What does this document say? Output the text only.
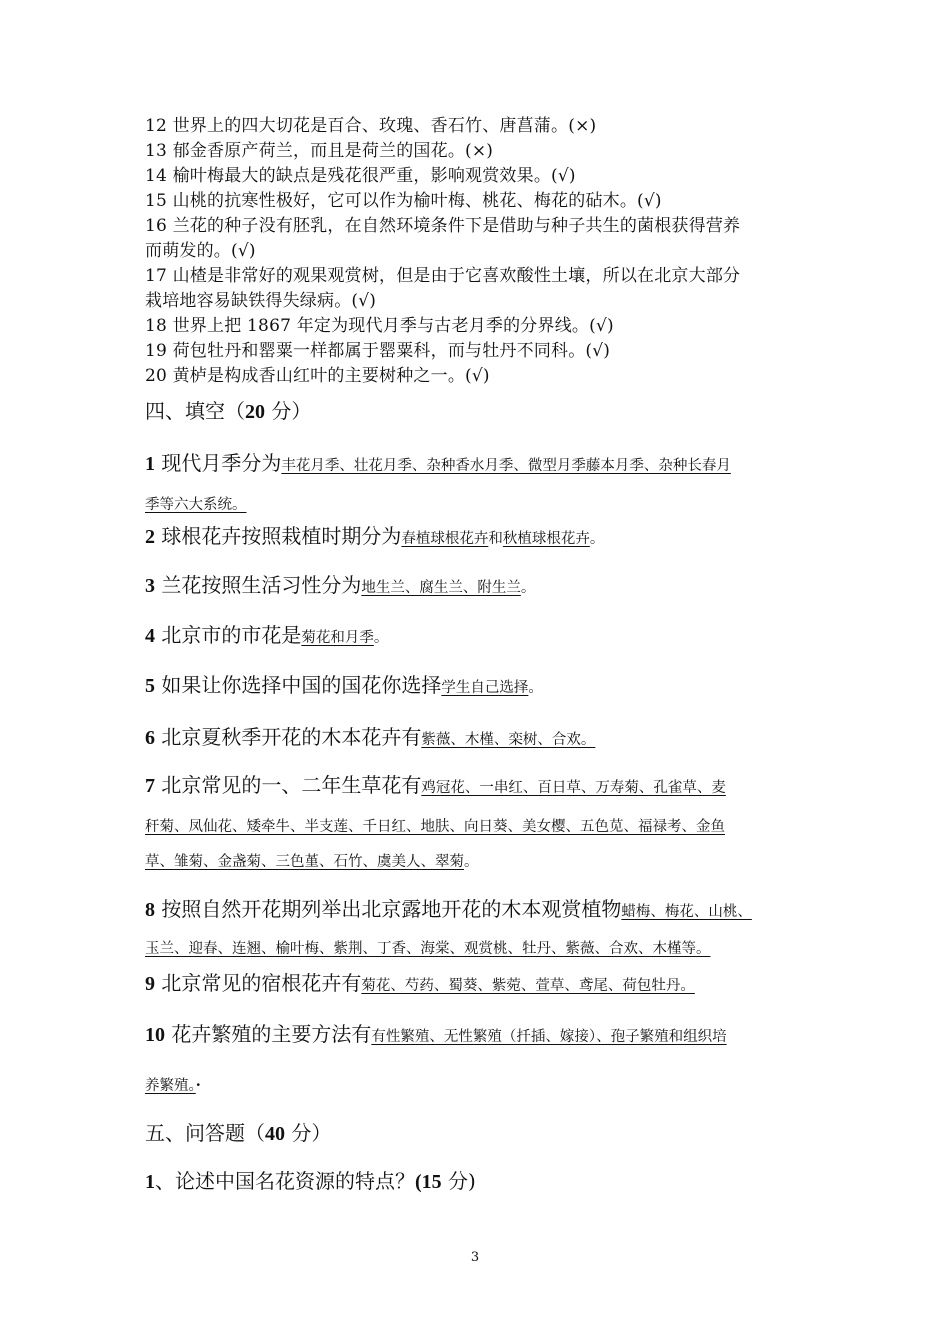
12 世界上的四大切花是百合、玫瑰、香石竹、唐菖蒲。(×)

13 郁金香原产荷兰，而且是荷兰的国花。(×)

14 榆叶梅最大的缺点是残花很严重，影响观赏效果。(√)

15 山桃的抗寒性极好，它可以作为榆叶梅、桃花、梅花的砧木。(√)

16 兰花的种子没有胚乳，在自然环境条件下是借助与种子共生的菌根获得营养

而萌发的。(√)

17 山楂是非常好的观果观赏树，但是由于它喜欢酸性土壤，所以在北京大部分

栽培地容易缺铁得失绿病。(√)

18 世界上把 1867 年定为现代月季与古老月季的分界线。(√)

19 荷包牡丹和罂粟一样都属于罂粟科，而与牡丹不同科。(√)

20 黄栌是构成香山红叶的主要树种之一。(√)

四、填空（20 分）
1 现代月季分为丰花月季、壮花月季、杂种香水月季、微型月季藤本月季、杂种长春月
季等六大系统。
2 球根花卉按照栽植时期分为春植球根花卉和秋植球根花卉。
3 兰花按照生活习性分为地生兰、腐生兰、附生兰。
4 北京市的市花是菊花和月季。
5 如果让你选择中国的国花你选择学生自己选择。
6 北京夏秋季开花的木本花卉有紫薇、木槿、栾树、合欢。
7 北京常见的一、二年生草花有鸡冠花、一串红、百日草、万寿菊、孔雀草、麦
秆菊、凤仙花、矮牵牛、半支莲、千日红、地肤、向日葵、美女樱、五色苋、福禄考、金鱼
草、雏菊、金盏菊、三色堇、石竹、虞美人、翠菊。
8 按照自然开花期列举出北京露地开花的木本观赏植物蜡梅、梅花、山桃、
玉兰、迎春、连翘、榆叶梅、紫荆、丁香、海棠、观赏桃、牡丹、紫薇、合欢、木槿等。
9 北京常见的宿根花卉有菊花、芍药、蜀葵、紫菀、萱草、鸢尾、荷包牡丹。
10 花卉繁殖的主要方法有有性繁殖、无性繁殖（扦插、嫁接）、孢子繁殖和组织培
养繁殖。·
五、问答题（40 分）
1、论述中国名花资源的特点？(15 分)
3
